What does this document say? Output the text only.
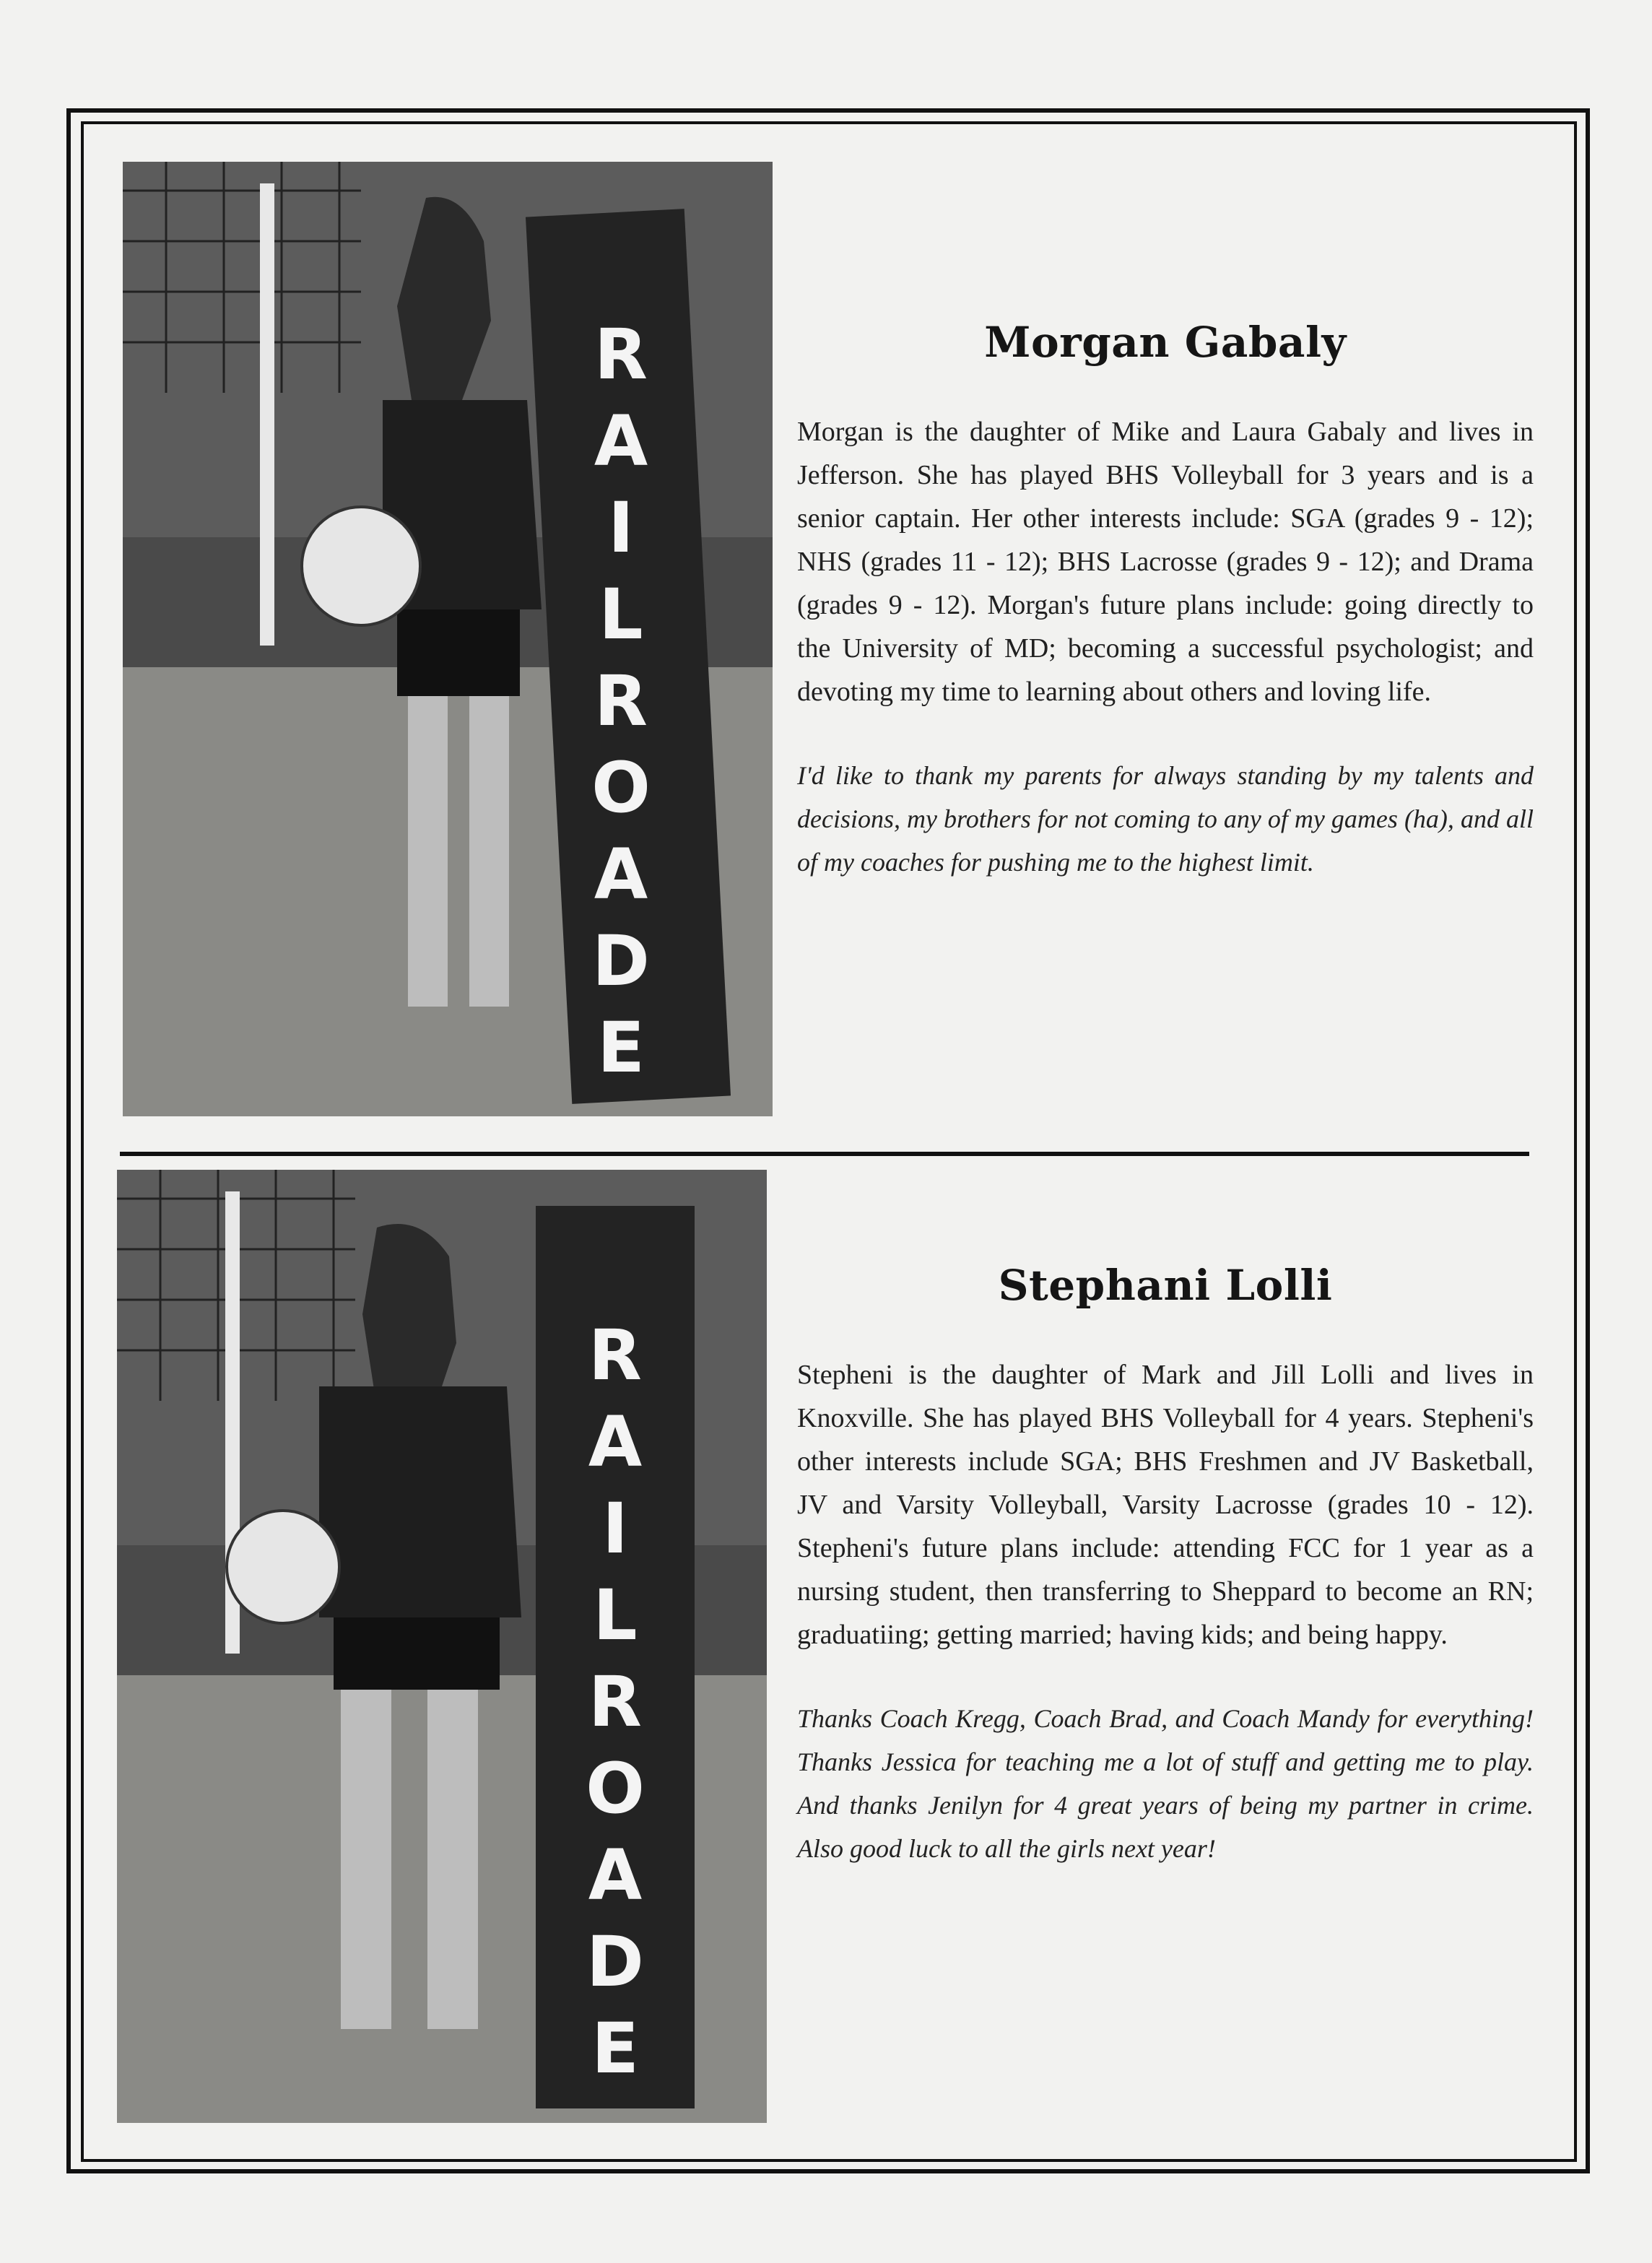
R
A
I
L
R
O
A
D
E
Morgan Gabaly

Morgan is the daughter of Mike and Laura Gabaly and lives in Jefferson. She has played BHS Volleyball for 3 years and is a senior captain. Her other interests include: SGA (grades 9 - 12); NHS (grades 11 - 12); BHS Lacrosse (grades 9 - 12); and Drama (grades 9 - 12). Morgan's future plans include: going directly to the University of MD; becoming a successful psychologist; and devoting my time to learning about others and loving life.

I'd like to thank my parents for always standing by my talents and decisions, my brothers for not coming to any of my games (ha), and all of my coaches for pushing me to the highest limit.

R
A
I
L
R
O
A
D
E
Stephani Lolli

Stepheni is the daughter of Mark and Jill Lolli and lives in Knoxville. She has played BHS Volleyball for 4 years. Stepheni's other interests include SGA; BHS Freshmen and JV Basketball, JV and Varsity Volleyball, Varsity Lacrosse (grades 10 - 12). Stepheni's future plans include: attending FCC for 1 year as a nursing student, then transferring to Sheppard to become an RN; graduatiing; getting married; having kids; and being happy.

Thanks Coach Kregg, Coach Brad, and Coach Mandy for everything! Thanks Jessica for teaching me a lot of stuff and getting me to play. And thanks Jenilyn for 4 great years of being my partner in crime. Also good luck to all the girls next year!
